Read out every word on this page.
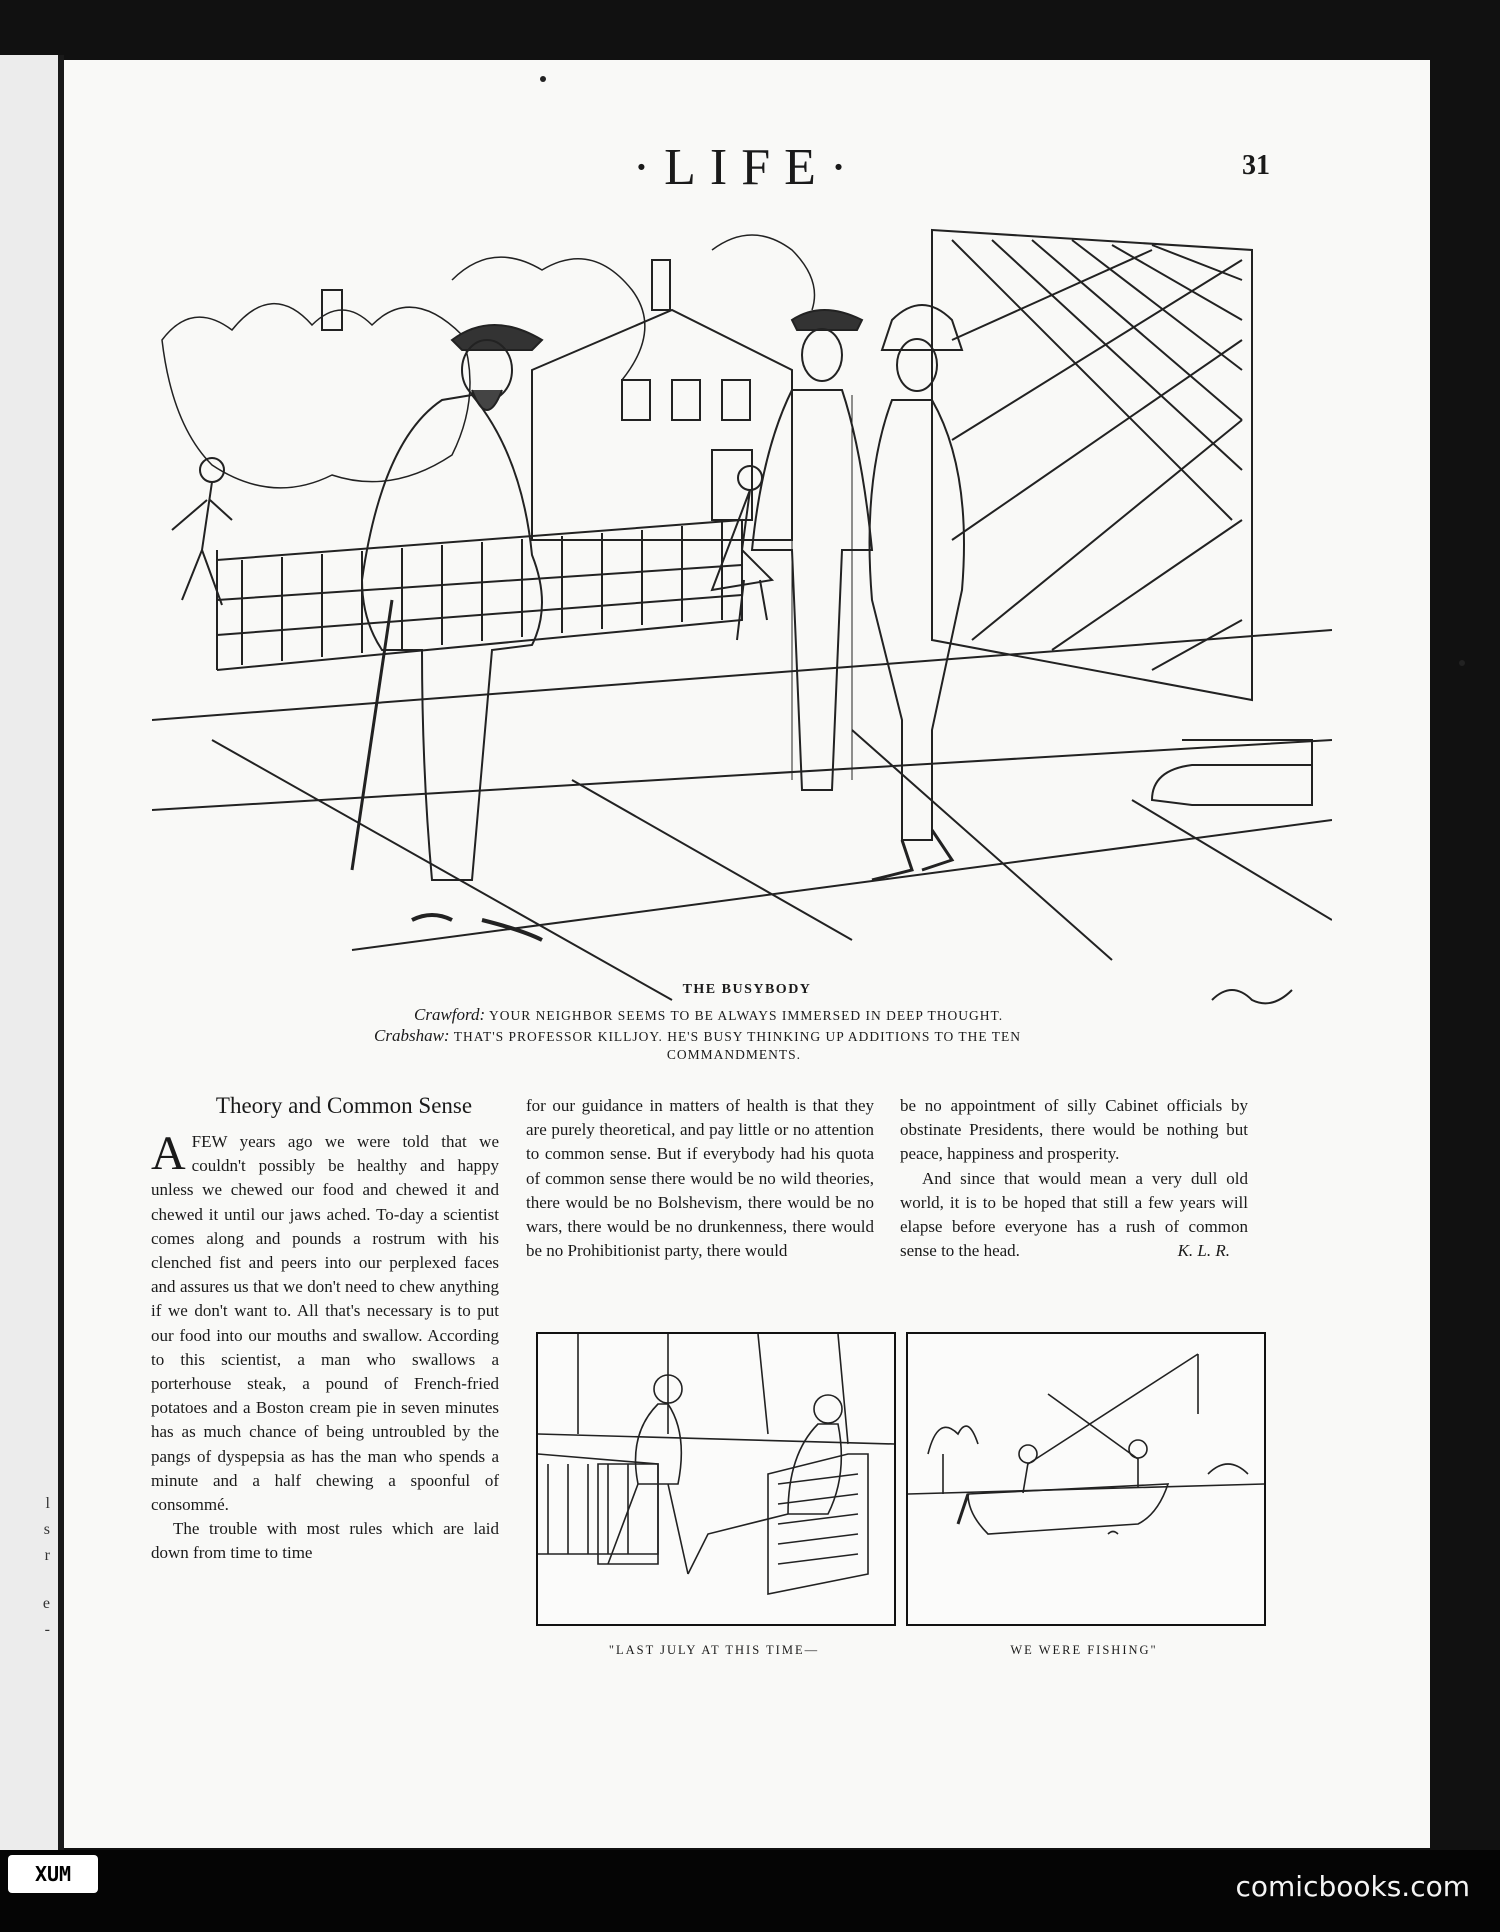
l
s
r
e
-
·LIFE·	31
THE BUSYBODY
Crawford: YOUR NEIGHBOR SEEMS TO BE ALWAYS IMMERSED IN DEEP THOUGHT.
Crabshaw: THAT'S PROFESSOR KILLJOY. HE'S BUSY THINKING UP ADDITIONS TO THE TEN
COMMANDMENTS.
Theory and Common Sense

A FEW years ago we were told that we couldn't possibly be healthy and happy unless we chewed our food and chewed it and chewed it until our jaws ached. To-day a scientist comes along and pounds a rostrum with his clenched fist and peers into our perplexed faces and assures us that we don't need to chew anything if we don't want to. All that's necessary is to put our food into our mouths and swallow. According to this scientist, a man who swallows a porterhouse steak, a pound of French-fried potatoes and a Boston cream pie in seven minutes has as much chance of being untroubled by the pangs of dyspepsia as has the man who spends a minute and a half chewing a spoonful of consommé.

The trouble with most rules which are laid down from time to time

for our guidance in matters of health is that they are purely theoretical, and pay little or no attention to common sense. But if everybody had his quota of common sense there would be no wild theories, there would be no Bolshevism, there would be no wars, there would be no drunkenness, there would be no Prohibitionist party, there would

be no appointment of silly Cabinet officials by obstinate Presidents, there would be nothing but peace, happiness and prosperity.

And since that would mean a very dull old world, it is to be hoped that still a few years will elapse before everyone has a rush of common sense to the head.	K. L. R.

"LAST JULY AT THIS TIME—	WE WERE FISHING"
XUM	comicbooks.com
